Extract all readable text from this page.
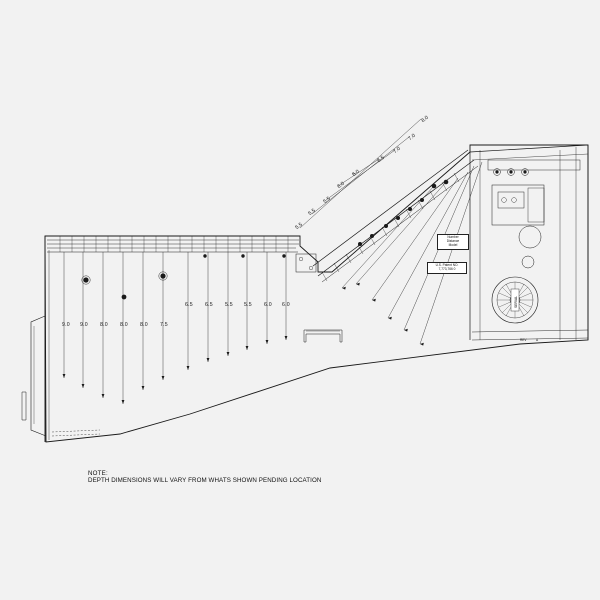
9.0 9.0 8.0 8.0 8.0 7.5
6.5 6.5 5.5 5.5 6.0 6.0
8.0
7.0
7.0
6.5
6.0
6.0
5.5
5.5
5.5
U.S. Patent NO.
7,773,766 0
Number
Distance
Model
SERIAL
REV	A
NOTE:
DEPTH DIMENSIONS WILL VARY FROM WHATS SHOWN PENDING LOCATION
